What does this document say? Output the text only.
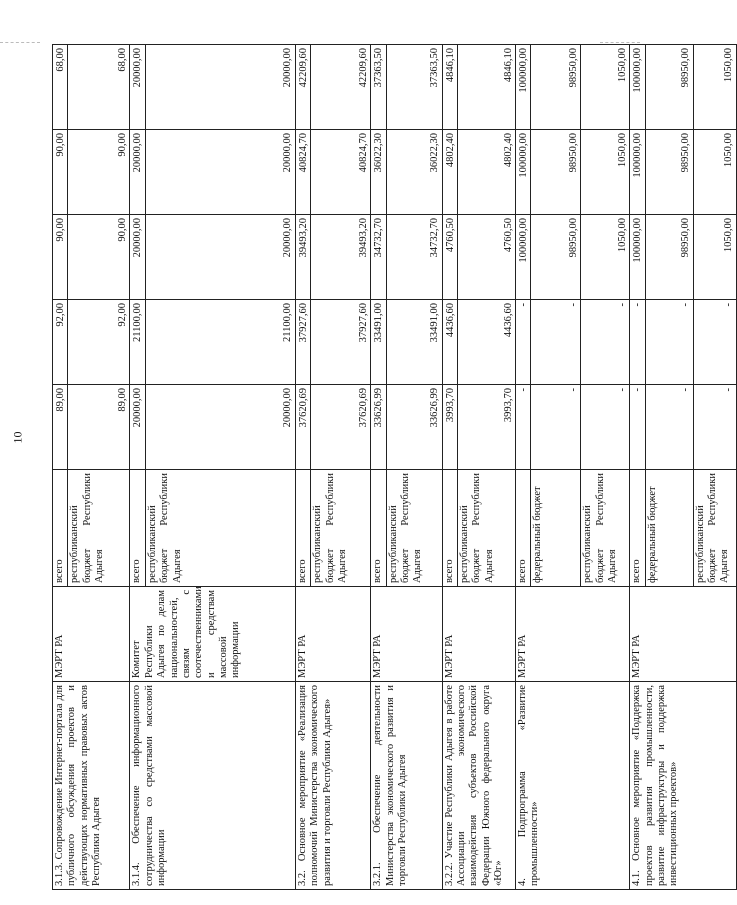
10
3.1.3. Сопровождение Интернет-портала для публичного обсуждения проектов и действующих нормативных правовых актов Республики Адыгея	МЭРТ РА	всего	89,00	92,00	90,00	90,00	68,00
		республиканский бюджет Республики Адыгея	89,00	92,00	90,00	90,00	68,00
3.1.4. Обеспечение информационного сотрудничества со средствами массовой информации	Комитет Республики Адыгея по делам национальностей, связям с соотечественниками и средствам массовой информации	всего	20000,00	21100,00	20000,00	20000,00	20000,00
		республиканский бюджет Республики Адыгея	20000,00	21100,00	20000,00	20000,00	20000,00
3.2. Основное мероприятие «Реализация полномочий Министерства экономического развития и торговли Республики Адыгея»	МЭРТ РА	всего	37620,69	37927,60	39493,20	40824,70	42209,60
		республиканский бюджет Республики Адыгея	37620,69	37927,60	39493,20	40824,70	42209,60
3.2.1. Обеспечение деятельности Министерства экономического развития и торговли Республики Адыгея	МЭРТ РА	всего	33626,99	33491,00	34732,70	36022,30	37363,50
		республиканский бюджет Республики Адыгея	33626,99	33491,00	34732,70	36022,30	37363,50
3.2.2. Участие Республики Адыгея в работе Ассоциации экономического взаимодействия субъектов Российской Федерации Южного федерального округа «Юг»	МЭРТ РА	всего	3993,70	4436,60	4760,50	4802,40	4846,10
		республиканский бюджет Республики Адыгея	3993,70	4436,60	4760,50	4802,40	4846,10
4. Подпрограмма «Развитие промышленности»	МЭРТ РА	всего	-	-	100000,00	100000,00	100000,00
		федеральный бюджет	-	-	98950,00	98950,00	98950,00
		республиканский бюджет Республики Адыгея	-	-	1050,00	1050,00	1050,00
4.1. Основное мероприятие «Поддержка проектов развития промышленности, развитие инфраструктуры и поддержка инвестиционных проектов»	МЭРТ РА	всего	-	-	100000,00	100000,00	100000,00
		федеральный бюджет	-	-	98950,00	98950,00	98950,00
		республиканский бюджет Республики Адыгея	-	-	1050,00	1050,00	1050,00
